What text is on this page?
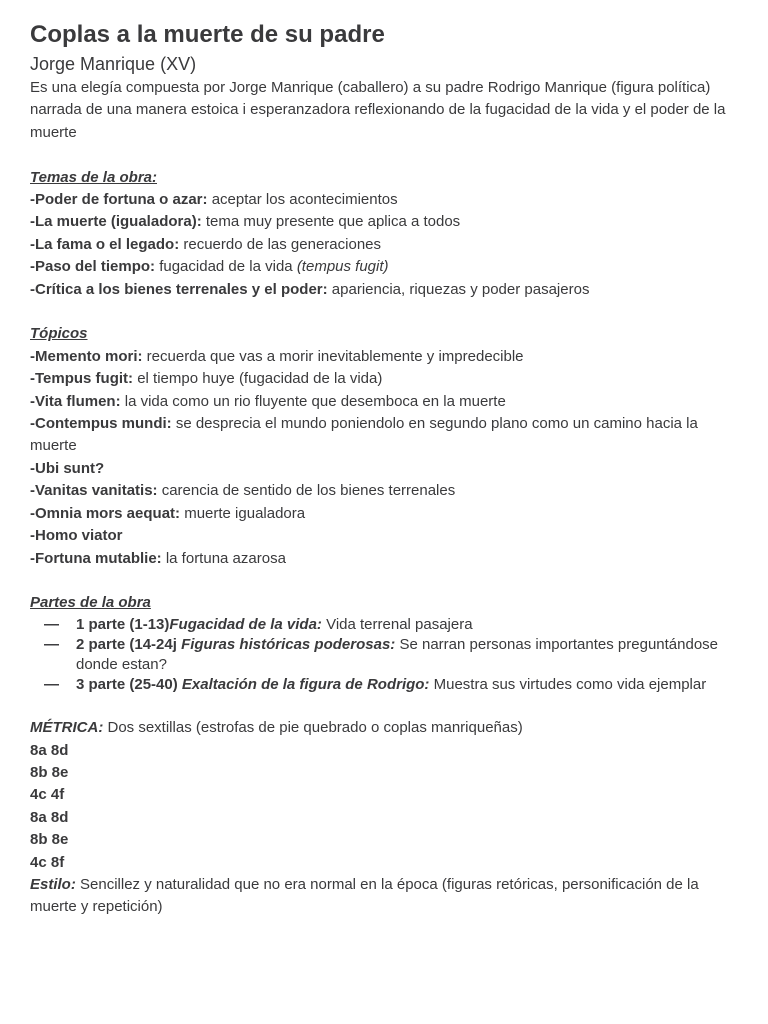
Coplas a la muerte de su padre
Jorge Manrique (XV)
Es una elegía compuesta por Jorge Manrique (caballero) a su padre Rodrigo Manrique (figura política) narrada de una manera estoica i esperanzadora reflexionando de la fugacidad de la vida y el poder de la muerte
Temas de la obra:
-Poder de fortuna o azar: aceptar los acontecimientos
-La muerte (igualadora): tema muy presente que aplica a todos
-La fama o el legado: recuerdo de las generaciones
-Paso del tiempo: fugacidad de la vida (tempus fugit)
-Crítica a los bienes terrenales y el poder: apariencia, riquezas y poder pasajeros
Tópicos
-Memento mori: recuerda que vas a morir inevitablemente y impredecible
-Tempus fugit: el tiempo huye (fugacidad de la vida)
-Vita flumen: la vida como un rio fluyente que desemboca en la muerte
-Contempus mundi: se desprecia el mundo poniendolo en segundo plano como un camino hacia la muerte
-Ubi sunt?
-Vanitas vanitatis: carencia de sentido de los bienes terrenales
-Omnia mors aequat: muerte igualadora
-Homo viator
-Fortuna mutablie: la fortuna azarosa
Partes de la obra
— 1 parte (1-13)Fugacidad de la vida: Vida terrenal pasajera
— 2 parte (14-24j Figuras históricas poderosas: Se narran personas importantes preguntándose donde estan?
— 3 parte (25-40) Exaltación de la figura de Rodrigo: Muestra sus virtudes como vida ejemplar
MÉTRICA: Dos sextillas (estrofas de pie quebrado o coplas manriqueñas)
8a 8d
8b 8e
4c 4f
8a 8d
8b 8e
4c 8f
Estilo: Sencillez y naturalidad que no era normal en la época (figuras retóricas, personificación de la muerte y repetición)
